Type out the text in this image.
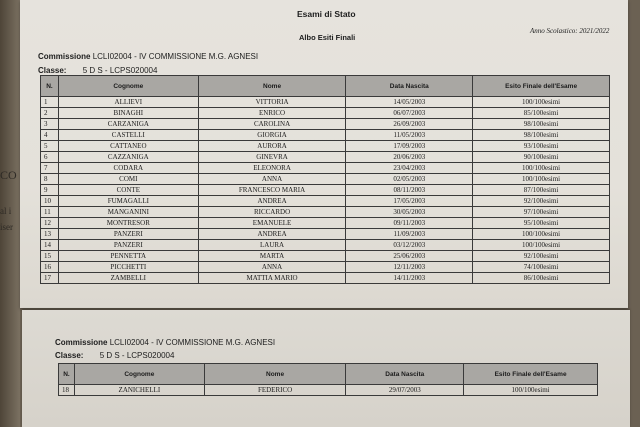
CO
al i
iser
Esami di Stato
Albo Esiti Finali
Anno Scolastico: 2021/2022
Commissione LCLI02004 - IV COMMISSIONE M.G. AGNESI
Classe: 5 D S - LCPS020004
N.	Cognome	Nome	Data Nascita	Esito Finale dell'Esame
1	ALLIEVI	VITTORIA	14/05/2003	100/100esimi
2	BINAGHI	ENRICO	06/07/2003	85/100esimi
3	CARZANIGA	CAROLINA	26/09/2003	98/100esimi
4	CASTELLI	GIORGIA	11/05/2003	98/100esimi
5	CATTANEO	AURORA	17/09/2003	93/100esimi
6	CAZZANIGA	GINEVRA	20/06/2003	90/100esimi
7	CODARA	ELEONORA	23/04/2003	100/100esimi
8	COMI	ANNA	02/05/2003	100/100esimi
9	CONTE	FRANCESCO MARIA	08/11/2003	87/100esimi
10	FUMAGALLI	ANDREA	17/05/2003	92/100esimi
11	MANGANINI	RICCARDO	30/05/2003	97/100esimi
12	MONTRESOR	EMANUELE	09/11/2003	95/100esimi
13	PANZERI	ANDREA	11/09/2003	100/100esimi
14	PANZERI	LAURA	03/12/2003	100/100esimi
15	PENNETTA	MARTA	25/06/2003	92/100esimi
16	PICCHETTI	ANNA	12/11/2003	74/100esimi
17	ZAMBELLI	MATTIA MARIO	14/11/2003	86/100esimi
Commissione LCLI02004 - IV COMMISSIONE M.G. AGNESI
Classe: 5 D S - LCPS020004
N.	Cognome	Nome	Data Nascita	Esito Finale dell'Esame
18	ZANICHELLI	FEDERICO	29/07/2003	100/100esimi
